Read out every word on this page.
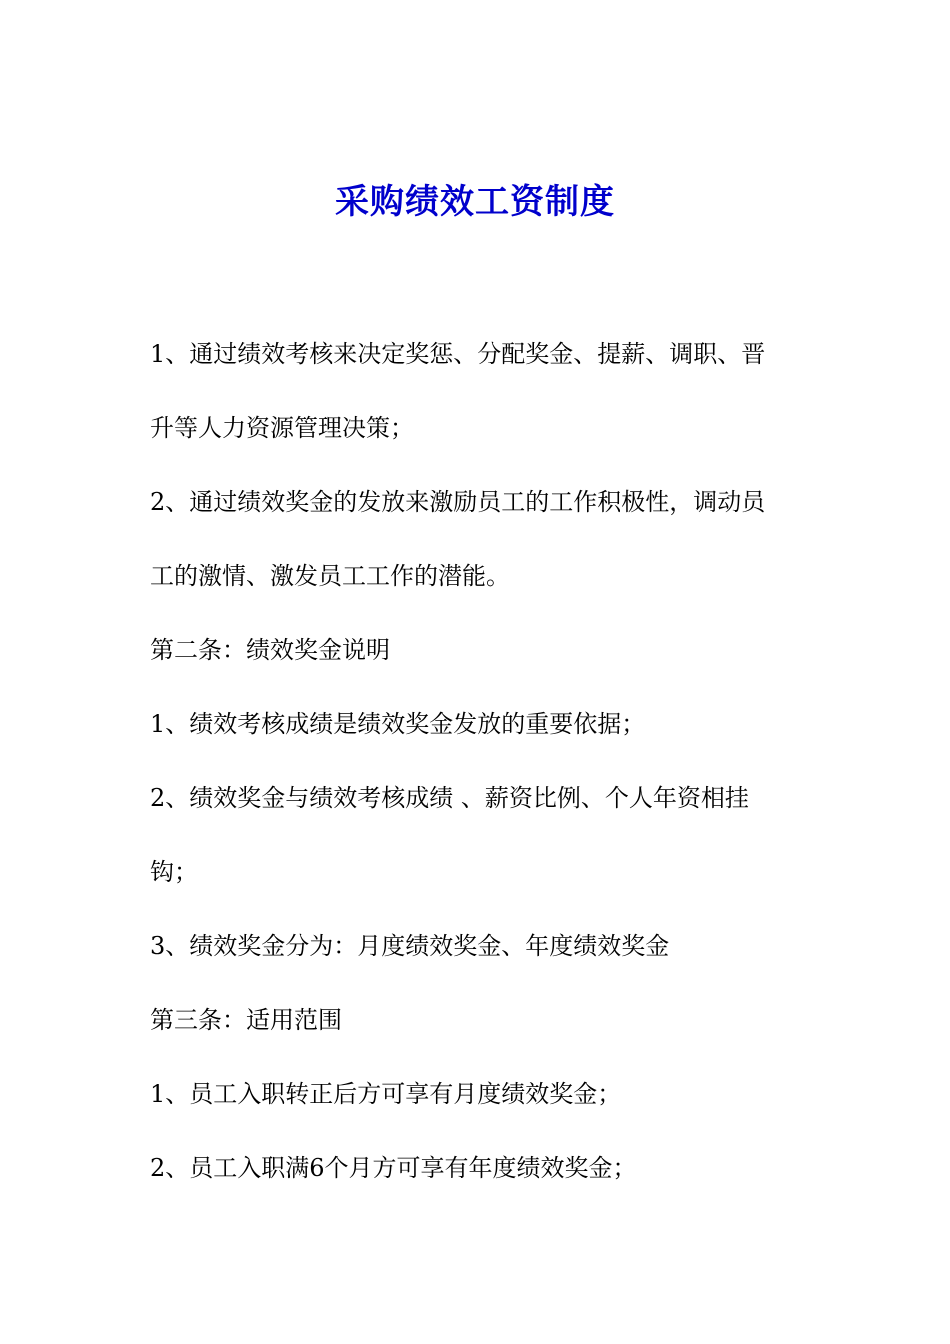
采购绩效工资制度
1、通过绩效考核来决定奖惩、分配奖金、提薪、调职、晋
升等人力资源管理决策；
2、通过绩效奖金的发放来激励员工的工作积极性，调动员
工的激情、激发员工工作的潜能。
第二条：绩效奖金说明
1、绩效考核成绩是绩效奖金发放的重要依据；
2、绩效奖金与绩效考核成绩 、薪资比例、个人年资相挂
钩；
3、绩效奖金分为：月度绩效奖金、年度绩效奖金
第三条：适用范围
1、员工入职转正后方可享有月度绩效奖金；
2、员工入职满6个月方可享有年度绩效奖金；
